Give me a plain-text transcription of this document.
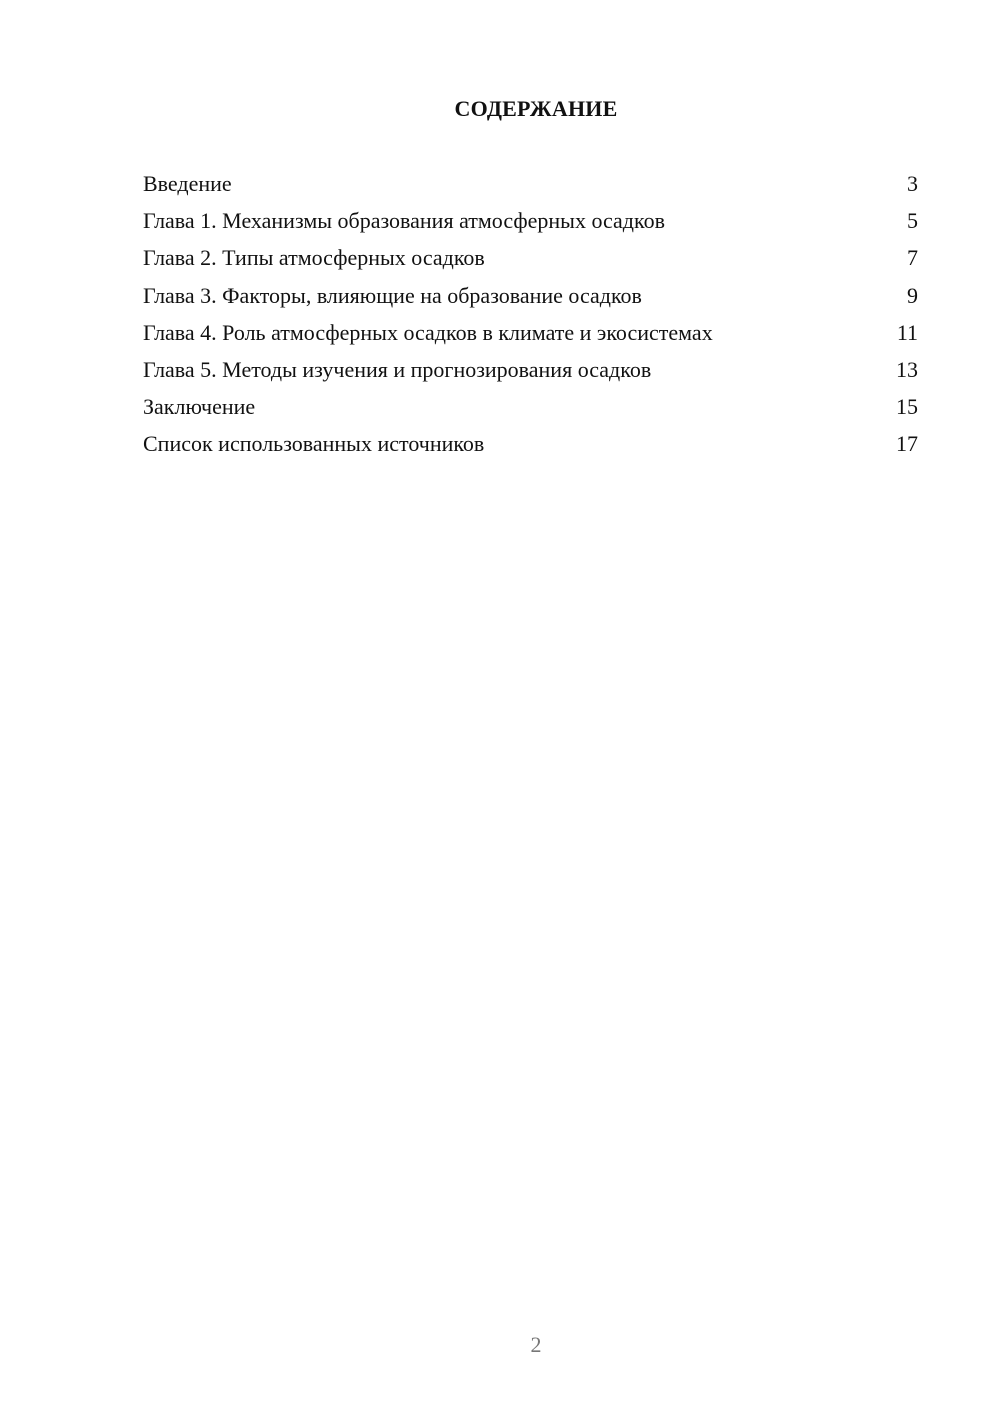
СОДЕРЖАНИЕ
Введение	3
Глава 1. Механизмы образования атмосферных осадков	5
Глава 2. Типы атмосферных осадков	7
Глава 3. Факторы, влияющие на образование осадков	9
Глава 4. Роль атмосферных осадков в климате и экосистемах	11
Глава 5. Методы изучения и прогнозирования осадков	13
Заключение	15
Список использованных источников	17
2
